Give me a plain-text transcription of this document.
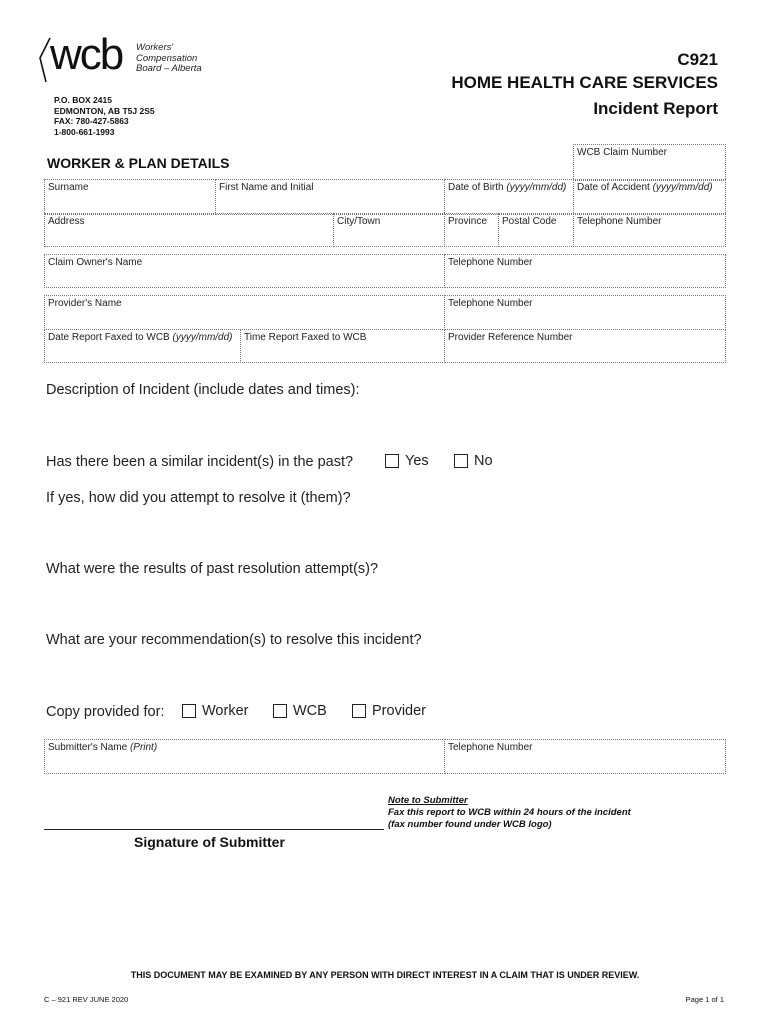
wcb Workers'
Compensation
Board – Alberta
P.O. BOX 2415
EDMONTON, AB T5J 2S5
FAX: 780-427-5863
1-800-661-1993
C921
HOME HEALTH CARE SERVICES
Incident Report
WORKER & PLAN DETAILS
WCB Claim Number
Surname	First Name and Initial	Date of Birth (yyyy/mm/dd)	Date of Accident (yyyy/mm/dd)
Address	City/Town	Province	Postal Code	Telephone Number
Claim Owner's Name	Telephone Number
Provider's Name	Telephone Number
Date Report Faxed to WCB (yyyy/mm/dd)	Time Report Faxed to WCB	Provider Reference Number
Description of Incident (include dates and times):
Has there been a similar incident(s) in the past?	Yes	No
If yes, how did you attempt to resolve it (them)?
What were the results of past resolution attempt(s)?
What are your recommendation(s) to resolve this incident?
Copy provided for:	Worker	WCB	Provider
Submitter's Name (Print)	Telephone Number
Note to Submitter
Fax this report to WCB within 24 hours of the incident
(fax number found under WCB logo)
Signature of Submitter
THIS DOCUMENT MAY BE EXAMINED BY ANY PERSON WITH DIRECT INTEREST IN A CLAIM THAT IS UNDER REVIEW.
C – 921 REV JUNE 2020	Page 1 of 1
